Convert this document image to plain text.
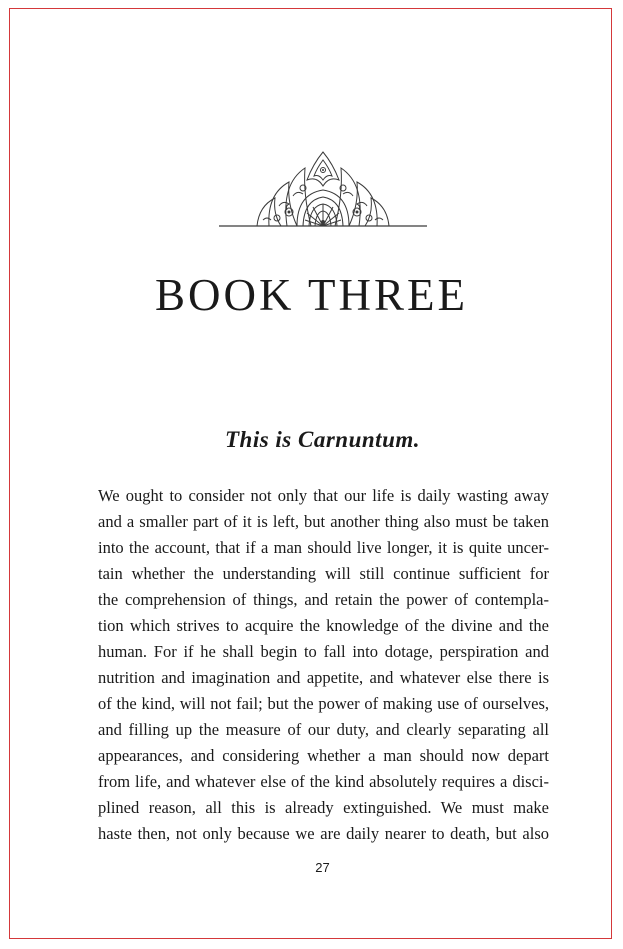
BOOK THREE
This is Carnuntum.
We ought to consider not only that our life is daily wasting away
and a smaller part of it is left, but another thing also must be taken
into the account, that if a man should live longer, it is quite uncer-
tain whether the understanding will still continue sufficient for
the comprehension of things, and retain the power of contempla-
tion which strives to acquire the knowledge of the divine and the
human. For if he shall begin to fall into dotage, perspiration and
nutrition and imagination and appetite, and whatever else there is
of the kind, will not fail; but the power of making use of ourselves,
and filling up the measure of our duty, and clearly separating all
appearances, and considering whether a man should now depart
from life, and whatever else of the kind absolutely requires a disci-
plined reason, all this is already extinguished. We must make
haste then, not only because we are daily nearer to death, but also
27
